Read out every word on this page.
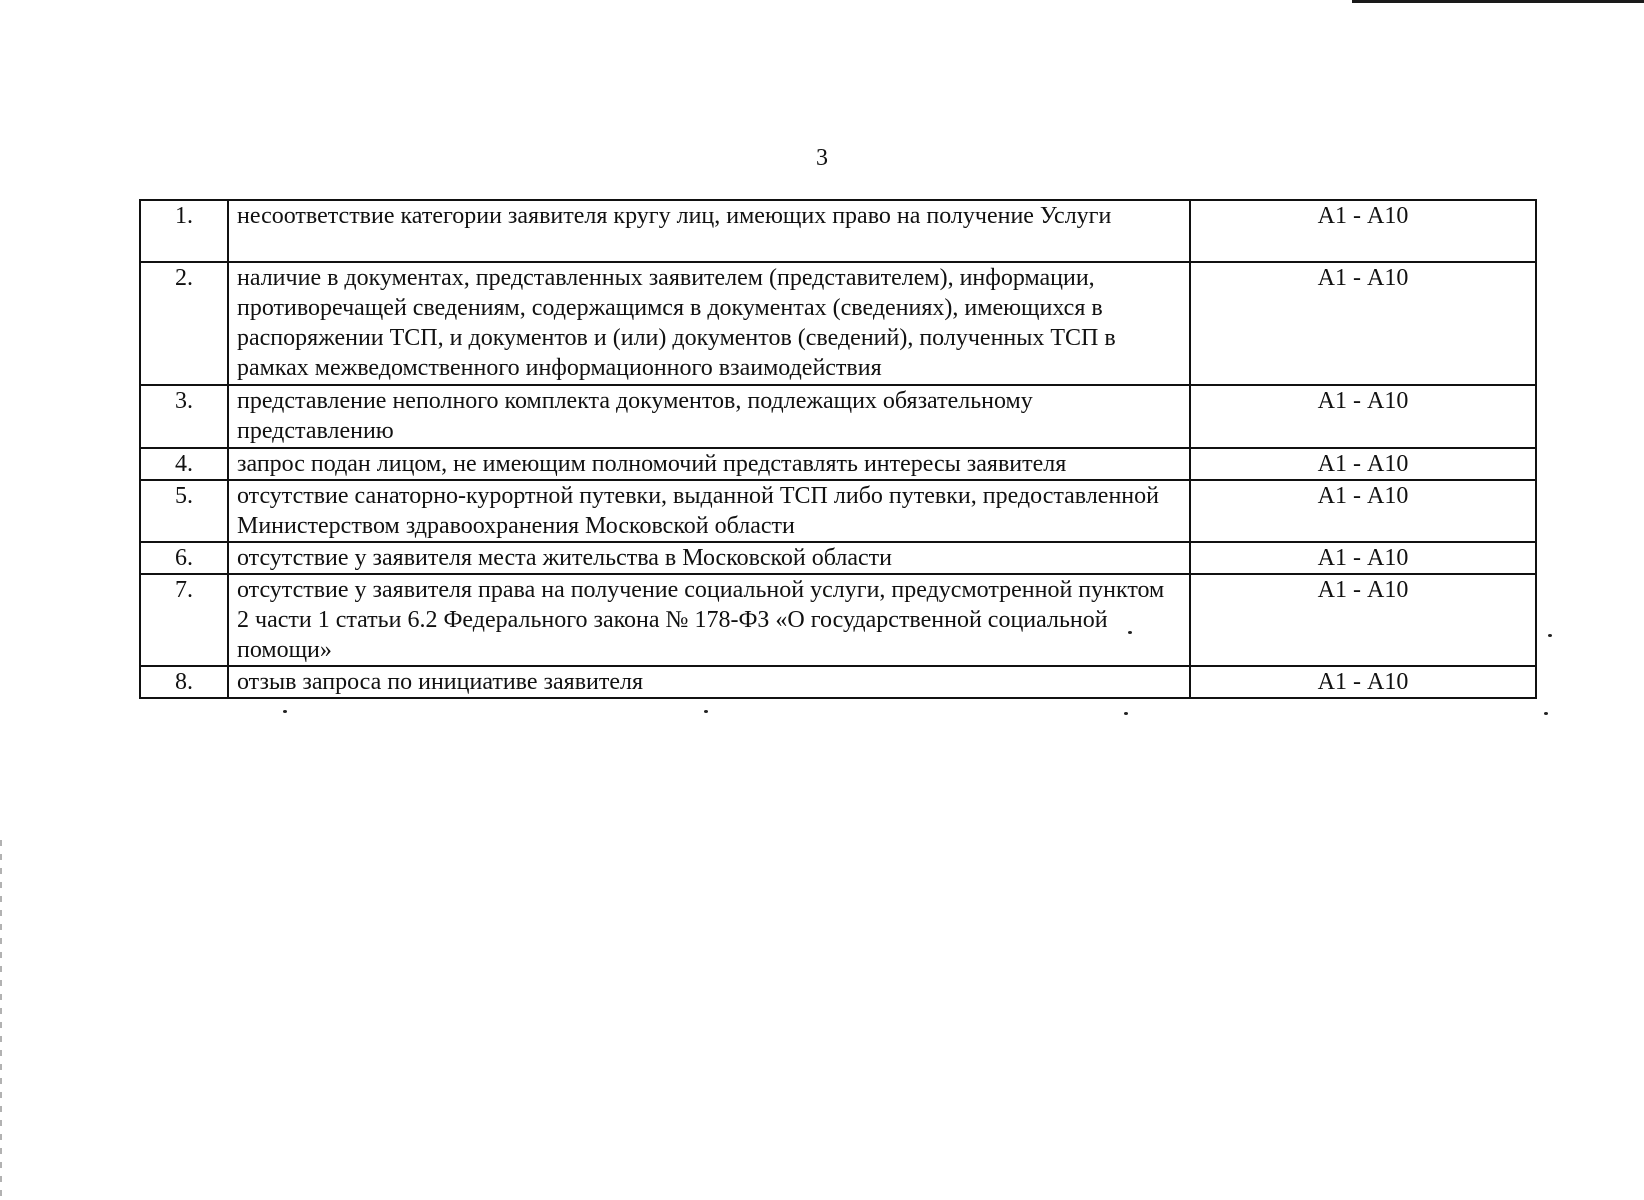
3
1.	несоответствие категории заявителя кругу лиц, имеющих право на получение Услуги	А1 - А10
2.	наличие в документах, представленных заявителем (представителем), информации, противоречащей сведениям, содержащимся в документах (сведениях), имеющихся в распоряжении ТСП, и документов и (или) документов (сведений), полученных ТСП в рамках межведомственного информационного взаимодействия	А1 - А10
3.	представление неполного комплекта документов, подлежащих обязательному представлению	А1 - А10
4.	запрос подан лицом, не имеющим полномочий представлять интересы заявителя	А1 - А10
5.	отсутствие санаторно-курортной путевки, выданной ТСП либо путевки, предоставленной Министерством здравоохранения Московской области	А1 - А10
6.	отсутствие у заявителя места жительства в Московской области	А1 - А10
7.	отсутствие у заявителя права на получение социальной услуги, предусмотренной пунктом 2 части 1 статьи 6.2 Федерального закона № 178-ФЗ «О государственной социальной помощи»	А1 - А10
8.	отзыв запроса по инициативе заявителя	А1 - А10
